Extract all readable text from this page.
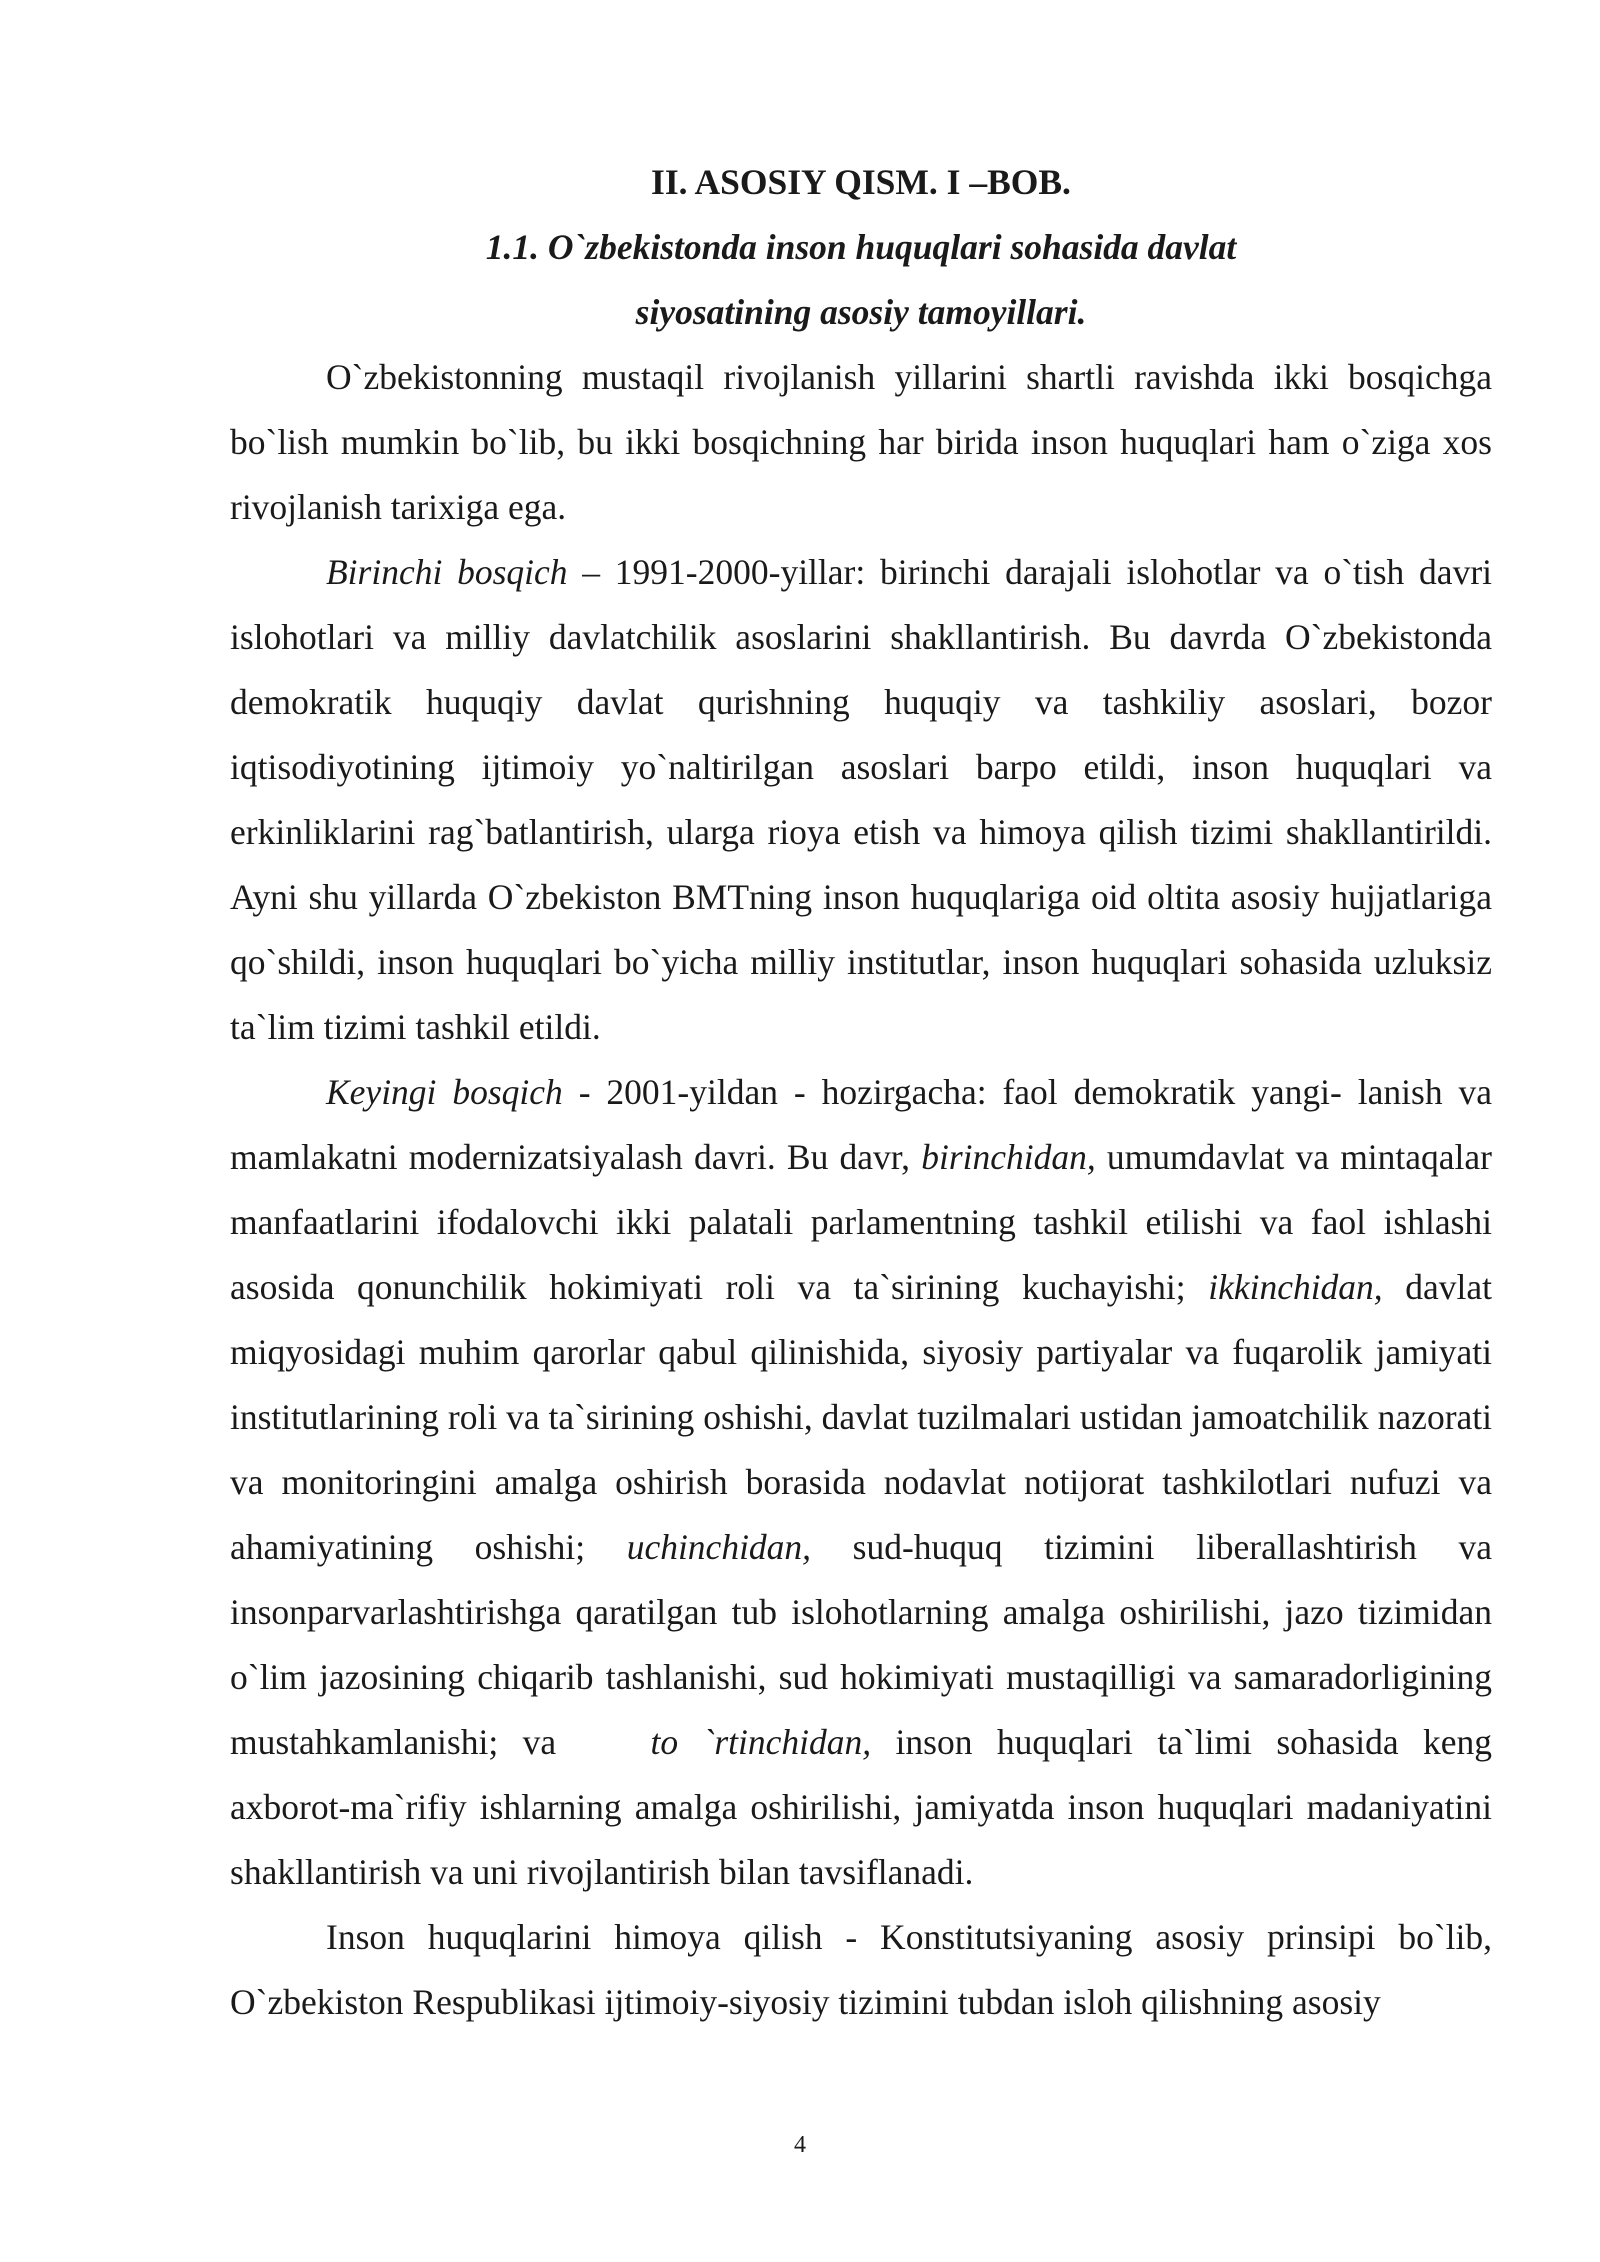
II. ASOSIY QISM. I –BOB.

1.1. O`zbekistonda inson huquqlari sohasida davlat

siyosatining asosiy tamoyillari.

O`zbekistonning mustaqil rivojlanish yillarini shartli ravishda ikki bosqichga bo`lish mumkin bo`lib, bu ikki bosqichning har birida inson huquqlari ham o`ziga xos rivojlanish tarixiga ega.

Birinchi bosqich – 1991-2000-yillar: birinchi darajali islohotlar va o`tish davri islohotlari va milliy davlatchilik asoslarini shakllantirish. Bu davrda O`zbekistonda demokratik huquqiy davlat qurishning huquqiy va tashkiliy asoslari, bozor iqtisodiyotining ijtimoiy yo`naltirilgan asoslari barpo etildi, inson huquqlari va erkinliklarini rag`batlantirish, ularga rioya etish va himoya qilish tizimi shakllantirildi. Ayni shu yillarda O`zbekiston BMTning inson huquqlariga oid oltita asosiy hujjatlariga qo`shildi, inson huquqlari bo`yicha milliy institutlar, inson huquqlari sohasida uzluksiz ta`lim tizimi tashkil etildi.

Keyingi bosqich - 2001-yildan - hozirgacha: faol demokratik yangi- lanish va mamlakatni modernizatsiyalash davri. Bu davr, birinchidan, umumdavlat va mintaqalar manfaatlarini ifodalovchi ikki palatali parlamentning tashkil etilishi va faol ishlashi asosida qonunchilik hokimiyati roli va ta`sirining kuchayishi; ikkinchidan, davlat miqyosidagi muhim qarorlar qabul qilinishida, siyosiy partiyalar va fuqarolik jamiyati institutlarining roli va ta`sirining oshishi, davlat tuzilmalari ustidan jamoatchilik nazorati va monitoringini amalga oshirish borasida nodavlat notijorat tashkilotlari nufuzi va ahamiyatining oshishi; uchinchidan, sud-huquq tizimini liberallashtirish va insonparvarlashtirishga qaratilgan tub islohotlarning amalga oshirilishi, jazo tizimidan o`lim jazosining chiqarib tashlanishi, sud hokimiyati mustaqilligi va samaradorligining mustahkamlanishi; va	to `rtinchidan, inson huquqlari ta`limi sohasida keng axborot-ma`rifiy ishlarning amalga oshirilishi, jamiyatda inson huquqlari madaniyatini shakllantirish va uni rivojlantirish bilan tavsiflanadi.

Inson huquqlarini himoya qilish - Konstitutsiyaning asosiy prinsipi bo`lib, O`zbekiston Respublikasi ijtimoiy-siyosiy tizimini tubdan isloh qilishning asosiy

4
